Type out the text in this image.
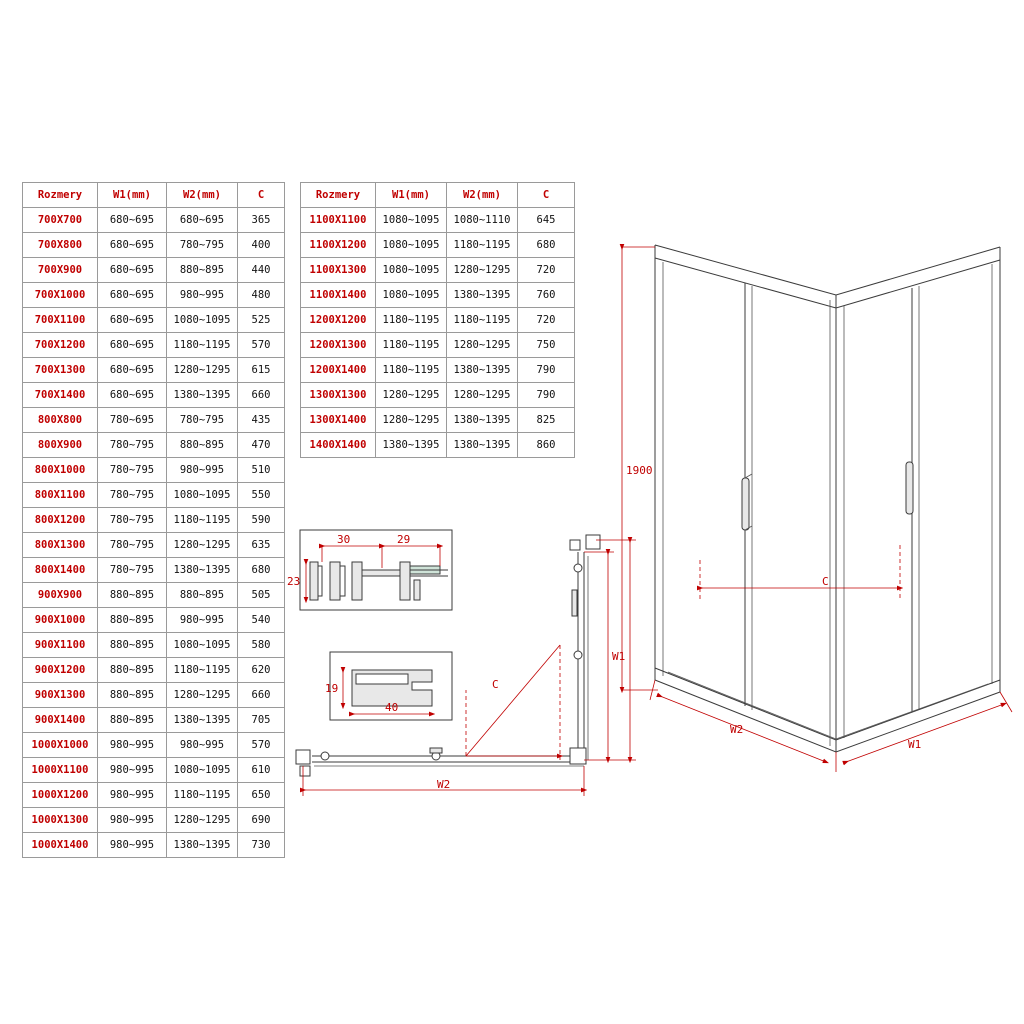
Rozmery	W1(mm)	W2(mm)	C
700X700	680~695	680~695	365
700X800	680~695	780~795	400
700X900	680~695	880~895	440
700X1000	680~695	980~995	480
700X1100	680~695	1080~1095	525
700X1200	680~695	1180~1195	570
700X1300	680~695	1280~1295	615
700X1400	680~695	1380~1395	660
800X800	780~695	780~795	435
800X900	780~795	880~895	470
800X1000	780~795	980~995	510
800X1100	780~795	1080~1095	550
800X1200	780~795	1180~1195	590
800X1300	780~795	1280~1295	635
800X1400	780~795	1380~1395	680
900X900	880~895	880~895	505
900X1000	880~895	980~995	540
900X1100	880~895	1080~1095	580
900X1200	880~895	1180~1195	620
900X1300	880~895	1280~1295	660
900X1400	880~895	1380~1395	705
1000X1000	980~995	980~995	570
1000X1100	980~995	1080~1095	610
1000X1200	980~995	1180~1195	650
1000X1300	980~995	1280~1295	690
1000X1400	980~995	1380~1395	730
Rozmery	W1(mm)	W2(mm)	C
1100X1100	1080~1095	1080~1110	645
1100X1200	1080~1095	1180~1195	680
1100X1300	1080~1095	1280~1295	720
1100X1400	1080~1095	1380~1395	760
1200X1200	1180~1195	1180~1195	720
1200X1300	1180~1195	1280~1295	750
1200X1400	1180~1195	1380~1395	790
1300X1300	1280~1295	1280~1295	790
1300X1400	1280~1295	1380~1395	825
1400X1400	1380~1395	1380~1395	860
30	29
23
19
40
C
W1
W2
1900
C
W2
W1
